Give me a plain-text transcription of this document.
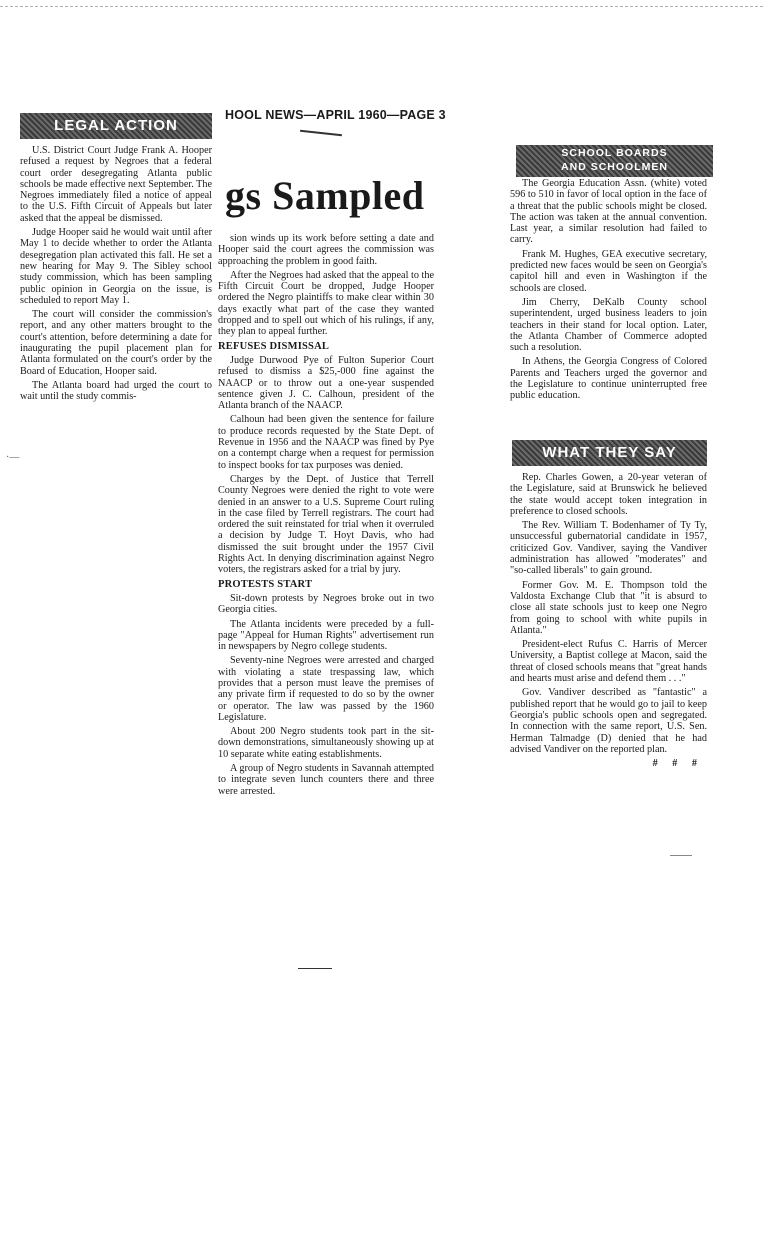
HOOL NEWS—APRIL 1960—PAGE 3
gs Sampled
LEGAL ACTION

U.S. District Court Judge Frank A. Hooper refused a request by Negroes that a federal court order desegregating Atlanta public schools be made effective next September. The Negroes immediately filed a notice of appeal to the U.S. Fifth Circuit of Appeals but later asked that the appeal be dismissed.

Judge Hooper said he would wait until after May 1 to decide whether to order the Atlanta desegregation plan activated this fall. He set a new hearing for May 9. The Sibley school study commission, which has been sampling public opinion in Georgia on the issue, is scheduled to report May 1.

The court will consider the commission's report, and any other matters brought to the court's attention, before determining a date for inaugurating the pupil placement plan for Atlanta formulated on the court's order by the Board of Education, Hooper said.

The Atlanta board had urged the court to wait until the study commis-

·—

sion winds up its work before setting a date and Hooper said the court agrees the commission was approaching the problem in good faith.

After the Negroes had asked that the appeal to the Fifth Circuit Court be dropped, Judge Hooper ordered the Negro plaintiffs to make clear within 30 days exactly what part of the case they wanted dropped and to spell out which of his rulings, if any, they plan to appeal further.

REFUSES DISMISSAL

Judge Durwood Pye of Fulton Superior Court refused to dismiss a $25,-000 fine against the NAACP or to throw out a one-year suspended sentence given J. C. Calhoun, president of the Atlanta branch of the NAACP.

Calhoun had been given the sentence for failure to produce records requested by the State Dept. of Revenue in 1956 and the NAACP was fined by Pye on a contempt charge when a request for permission to inspect books for tax purposes was denied.

Charges by the Dept. of Justice that Terrell County Negroes were denied the right to vote were denied in an answer to a U.S. Supreme Court ruling in the case filed by Terrell registrars. The court had ordered the suit reinstated for trial when it overruled a decision by Judge T. Hoyt Davis, who had dismissed the suit brought under the 1957 Civil Rights Act. In denying discrimination against Negro voters, the registrars asked for a trial by jury.

PROTESTS START

Sit-down protests by Negroes broke out in two Georgia cities.

The Atlanta incidents were preceded by a full-page "Appeal for Human Rights" advertisement run in newspapers by Negro college students.

Seventy-nine Negroes were arrested and charged with violating a state trespassing law, which provides that a person must leave the premises of any private firm if requested to do so by the owner or operator. The law was passed by the 1960 Legislature.

About 200 Negro students took part in the sit-down demonstrations, simultaneously showing up at 10 separate white eating establishments.

A group of Negro students in Savannah attempted to integrate seven lunch counters there and three were arrested.

SCHOOL BOARDS
AND SCHOOLMEN

The Georgia Education Assn. (white) voted 596 to 510 in favor of local option in the face of a threat that the public schools might be closed. The action was taken at the annual convention. Last year, a similar resolution had failed to carry.

Frank M. Hughes, GEA executive secretary, predicted new faces would be seen on Georgia's capitol hill and even in Washington if the schools are closed.

Jim Cherry, DeKalb County school superintendent, urged business leaders to join teachers in their stand for local option. Later, the Atlanta Chamber of Commerce adopted such a resolution.

In Athens, the Georgia Congress of Colored Parents and Teachers urged the governor and the Legislature to continue uninterrupted free public education.

WHAT THEY SAY

Rep. Charles Gowen, a 20-year veteran of the Legislature, said at Brunswick he believed the state would accept token integration in preference to closed schools.

The Rev. William T. Bodenhamer of Ty Ty, unsuccessful gubernatorial candidate in 1957, criticized Gov. Vandiver, saying the Vandiver administration has allowed "moderates" and "so-called liberals" to gain ground.

Former Gov. M. E. Thompson told the Valdosta Exchange Club that "it is absurd to close all state schools just to keep one Negro from going to school with white pupils in Atlanta."

President-elect Rufus C. Harris of Mercer University, a Baptist college at Macon, said the threat of closed schools means that "great hands and hearts must arise and defend them . . ."

Gov. Vandiver described as "fantastic" a published report that he would go to jail to keep Georgia's public schools open and segregated. In connection with the same report, U.S. Sen. Herman Talmadge (D) denied that he had advised Vandiver on the reported plan.

# # #
